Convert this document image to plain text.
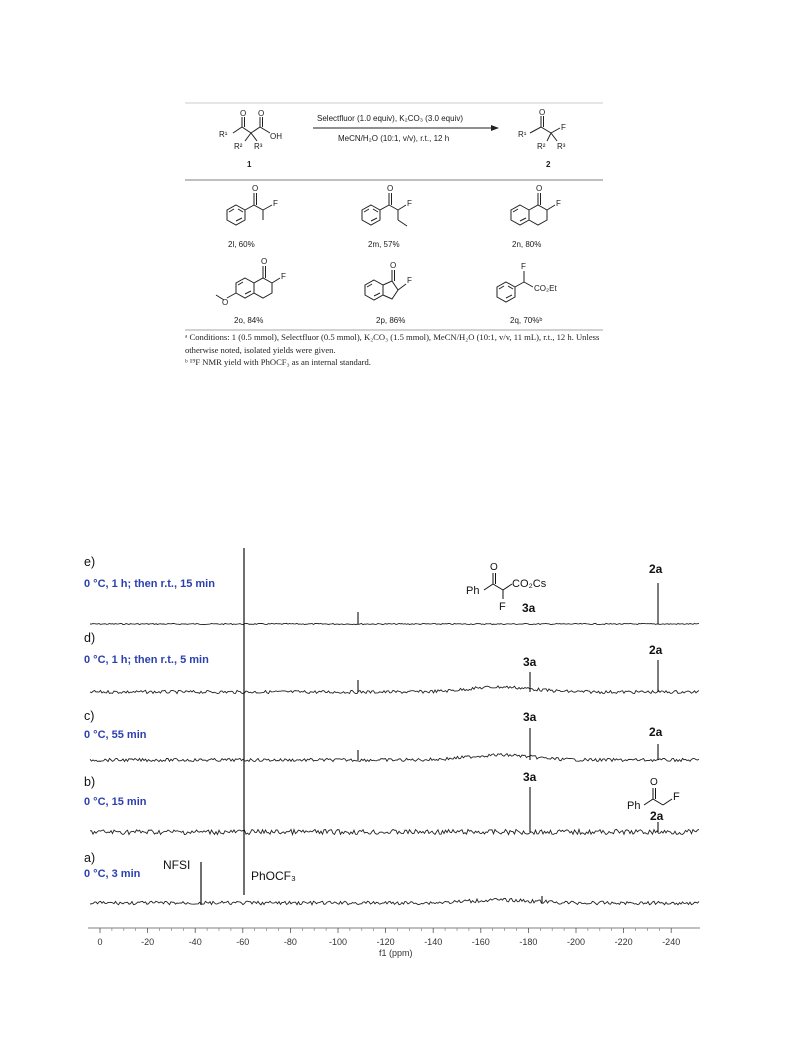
O O
R¹	OH
R² R³
1
Selectfluor (1.0 equiv), K₂CO₃ (3.0 equiv)
MeCN/H₂O (10:1, v/v), r.t., 12 h
O
F
R¹
R² R³
2
O
F
2l, 60%
O
F
2m, 57%
O
F
2n, 80%
O
F
O
2o, 84%
O
F
2p, 86%
F
CO₂Et
2q, 70%ᵇ

ᵃ Conditions: 1 (0.5 mmol), Selectfluor (0.5 mmol), K₂CO₃ (1.5 mmol), MeCN/H₂O (10:1, v/v, 11 mL), r.t., 12 h. Unless otherwise noted, isolated yields were given.

ᵇ ¹⁹F NMR yield with PhOCF₃ as an internal standard.

e)
0 °C, 1 h; then r.t., 15 min
d)
0 °C, 1 h; then r.t., 5 min
c)
0 °C, 55 min
b)
0 °C, 15 min
a)
0 °C, 3 min
NFSI
PhOCF₃
2a
2a
2a
3a
3a
3a
O
Ph
CO₂Cs
F 3a
O
Ph
F
2a
0	-20	-40	-60	-80	-100	-120	-140	-160	-180	-200	-220	-240
f1 (ppm)
